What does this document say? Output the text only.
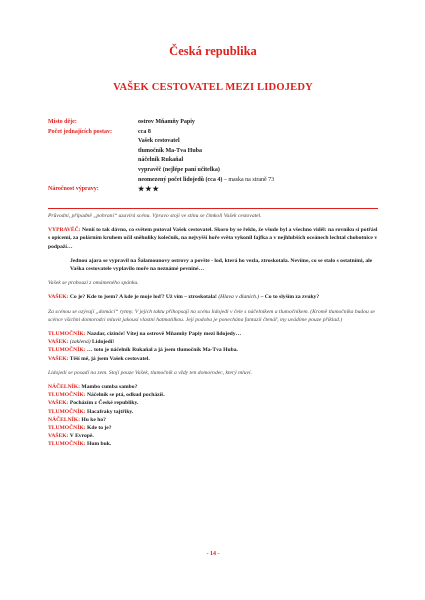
Česká republika
VAŠEK CESTOVATEL MEZI LIDOJEDY
Místo děje:	ostrov Mňamňy Papiy
Počet jednajících postav:	cca 8
Vašek cestovatel
tlumočník Ma-Tva Huba
náčelník Rukaňal
vypravěč (nejlépe paní učitelka)
neomezený počet lidojedů (cca 4) – maska na straně 73
Náročnost výpravy:	★★★

Průvodní, případně „pohraní“ uzavírá scénu. Vpravo stojí ve stínu se čímkoli Vašek cestovatel.

VYPRAVĚČ: Nenií to tak dávno, co světem putoval Vašek cestovatel. Skoro by se řeklo, že všude byl a všechno viděl: na rovníku si potřásl s opicemi, za polárním kruhem učil sněhuliky kolečník, na nejvyšší hoře světa vykonil fajfka a v nejhlubších oceánech lechtal chobotnice v podpaží…

Jednou ajara se vypravil na Šalamounovy ostrovy a povšte - lod, která ho vezla, ztroskotala. Nevíme, co se stalo s ostatními, ale Vaška cestovatele vyplavilo moře na neznámé pevniné…

Vašek se probouzí z omámeného spánku.

VAŠEK: Co je? Kde to jsem? A kde je moje loď? Už vím – ztroskotala! (Hlava v dlaních.) – Co to slyším za zvuky?

Za scénou se ozývají „domácí“ rytmy. V jejich taktu přihopsají na scénu lidojedi v čele s náčelníkem a tlumočníkem. (Kromě tlumočníka budou se scénce všichni domorodci mluvit jakousi vlastní hatmatilkou. Její podoba je ponechána fantazii čtenář, my uvádíme pouze příklad.)

TLUMOČNÍK: Nazdar, cizinče! Vítej na ostrově Mňamňy Papiy mezi lidojedy…

VAŠEK: (zaklená) Lidojedi!

TLUMOČNÍK: … toto je náčelník Rukaňal a já jsem tlumočník Ma-Tva Huba.

VAŠEK: Těší mě, já jsem Vašek cestovatel.

Lidojedi se posadí na zem. Stojí pouze Vašek, tlumočník a vždy ten domorodec, který mluví.

NÁČELNÍK: Mambo cumba sambo?

TLUMOČNÍK: Náčelník se ptá, odkud pocházíš.

VAŠEK: Pocházím z České republiky.

TLUMOČNÍK: Hacafraky tajtřiky.

NÁČELNÍK: Hu ke ho?

TLUMOČNÍK: Kde to je?

VAŠEK: V Evropě.

TLUMOČNÍK: Hum buk.

- 14 -
